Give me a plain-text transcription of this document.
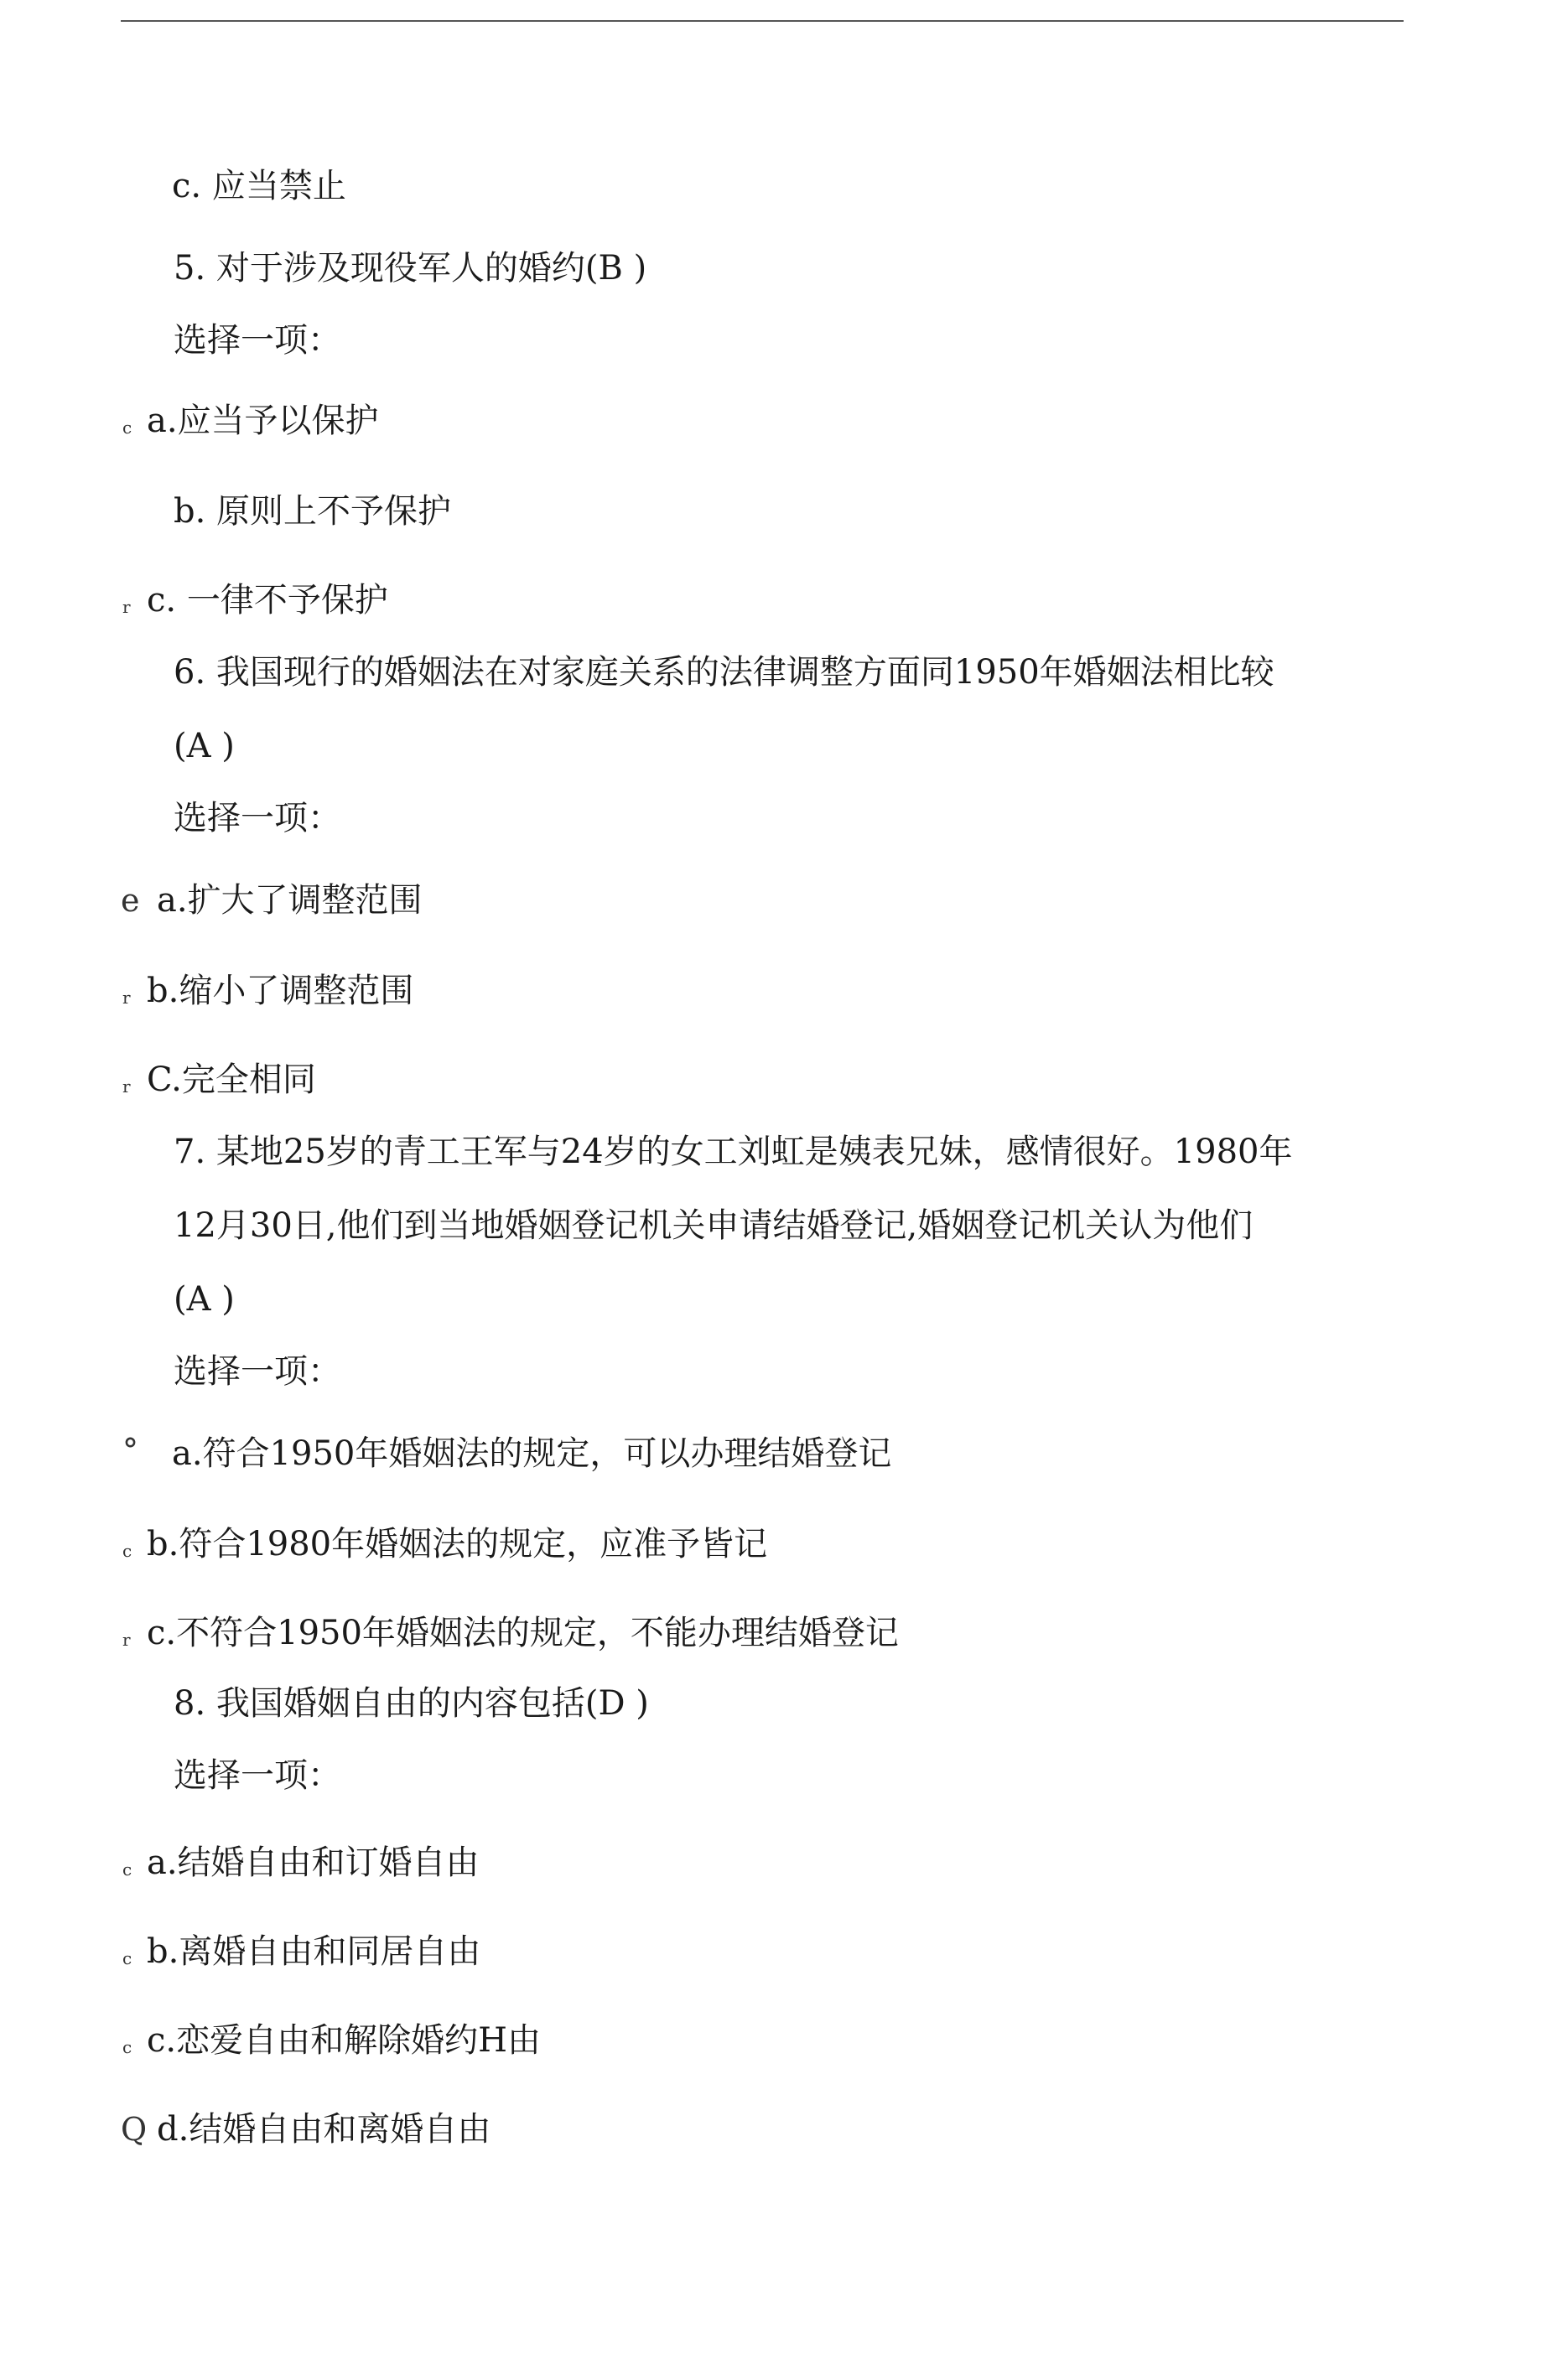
c. 应当禁止
5. 对于涉及现役军人的婚约(B )
选择一项：
c a.应当予以保护
b. 原则上不予保护
r c. 一律不予保护
6. 我国现行的婚姻法在对家庭关系的法律调整方面同1950年婚姻法相比较
(A )
选择一项：
e a.扩大了调整范围
r b.缩小了调整范围
r C.完全相同
7. 某地25岁的青工王军与24岁的女工刘虹是姨表兄妹，感情很好。1980年
12月30日,他们到当地婚姻登记机关申请结婚登记,婚姻登记机关认为他们
(A )
选择一项：
° a.符合1950年婚姻法的规定，可以办理结婚登记
c b.符合1980年婚姻法的规定，应准予皆记
r c.不符合1950年婚姻法的规定，不能办理结婚登记
8. 我国婚姻自由的内容包括(D )
选择一项：
c a.结婚自由和订婚自由
c b.离婚自由和同居自由
c c.恋爱自由和解除婚约H由
Q d.结婚自由和离婚自由
